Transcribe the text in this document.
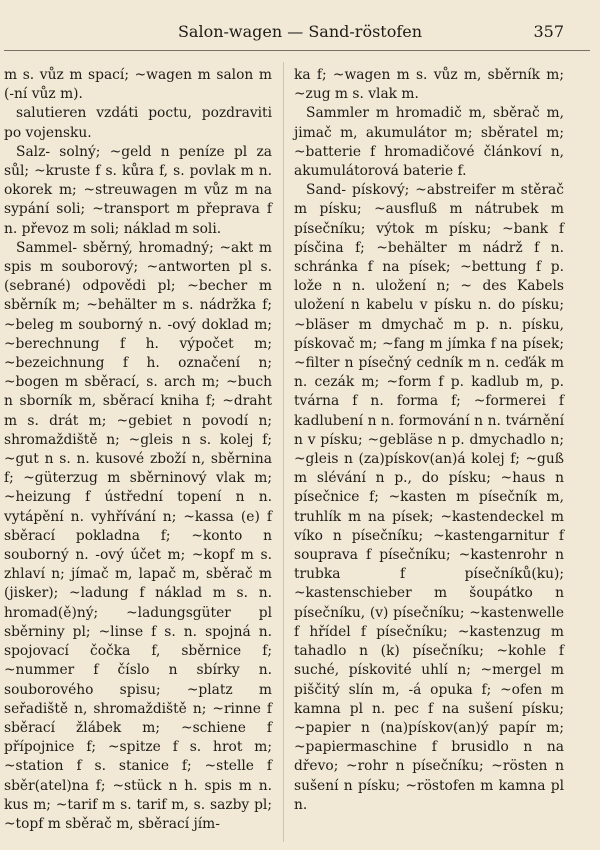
Salon-wagen — Sand-röstofen	357

m s. vůz m spací; ~wagen m salon m (-ní vůz m).

salutieren vzdáti poctu, pozdraviti po vojensku.

Salz- solný; ~geld n peníze pl za sůl; ~kruste f s. kůra f, s. povlak m n. okorek m; ~streuwagen m vůz m na sypání soli; ~transport m přeprava f n. převoz m soli; náklad m soli.

Sammel- sběrný, hromadný; ~akt m spis m souborový; ~antworten pl s. (sebrané) odpovědi pl; ~becher m sběrník m; ~behälter m s. nádržka f; ~beleg m souborný n. -ový doklad m; ~berechnung f h. výpočet m; ~bezeichnung f h. označení n; ~bogen m sběrací, s. arch m; ~buch n sborník m, sběrací kniha f; ~draht m s. drát m; ~gebiet n povodí n; shromaždiště n; ~gleis n s. kolej f; ~gut n s. n. kusové zboží n, sběrnina f; ~güterzug m sběrninový vlak m; ~heizung f ústřední topení n n. vytápění n. vyhřívání n; ~kassa (e) f sběrací pokladna f; ~konto n souborný n. -ový účet m; ~kopf m s. zhlaví n; jímač m, lapač m, sběrač m (jisker); ~ladung f náklad m s. n. hromad(ě)ný; ~ladungsgüter pl sběrniny pl; ~linse f s. n. spojná n. spojovací čočka f, sběrnice f; ~nummer f číslo n sbírky n. souborového spisu; ~platz m seřadiště n, shromaždiště n; ~rinne f sběrací žlábek m; ~schiene f přípojnice f; ~spitze f s. hrot m; ~station f s. stanice f; ~stelle f sběr(atel)na f; ~stück n h. spis m n. kus m; ~tarif m s. tarif m, s. sazby pl; ~topf m sběrač m, sběrací jím-

ka f; ~wagen m s. vůz m, sběrník m; ~zug m s. vlak m.

Sammler m hromadič m, sběrač m, jimač m, akumulátor m; sběratel m; ~batterie f hromadičové článkoví n, akumulátorová baterie f.

Sand- pískový; ~abstreifer m stěrač m písku; ~ausfluß m nátrubek m písečníku; výtok m písku; ~bank f písčina f; ~behälter m nádrž f n. schránka f na písek; ~bettung f p. lože n n. uložení n; ~ des Kabels uložení n kabelu v písku n. do písku; ~bläser m dmychač m p. n. písku, pískovač m; ~fang m jímka f na písek; ~filter n písečný cedník m n. ceďák m n. cezák m; ~form f p. kadlub m, p. tvárna f n. forma f; ~formerei f kadlubení n n. formování n n. tvárnění n v písku; ~gebläse n p. dmychadlo n; ~gleis n (za)pískov(an)á kolej f; ~guß m slévání n p., do písku; ~haus n písečnice f; ~kasten m písečník m, truhlík m na písek; ~kastendeckel m víko n písečníku; ~kastengarnitur f souprava f písečníku; ~kastenrohr n trubka f písečníků(ku); ~kastenschieber m šoupátko n písečníku, (v) písečníku; ~kastenwelle f hřídel f písečníku; ~kastenzug m tahadlo n (k) písečníku; ~kohle f suché, pískovité uhlí n; ~mergel m piščitý slín m, -á opuka f; ~ofen m kamna pl n. pec f na sušení písku; ~papier n (na)pískov(an)ý papír m; ~papiermaschine f brusidlo n na dřevo; ~rohr n písečníku; ~rösten n sušení n písku; ~röstofen m kamna pl n.
